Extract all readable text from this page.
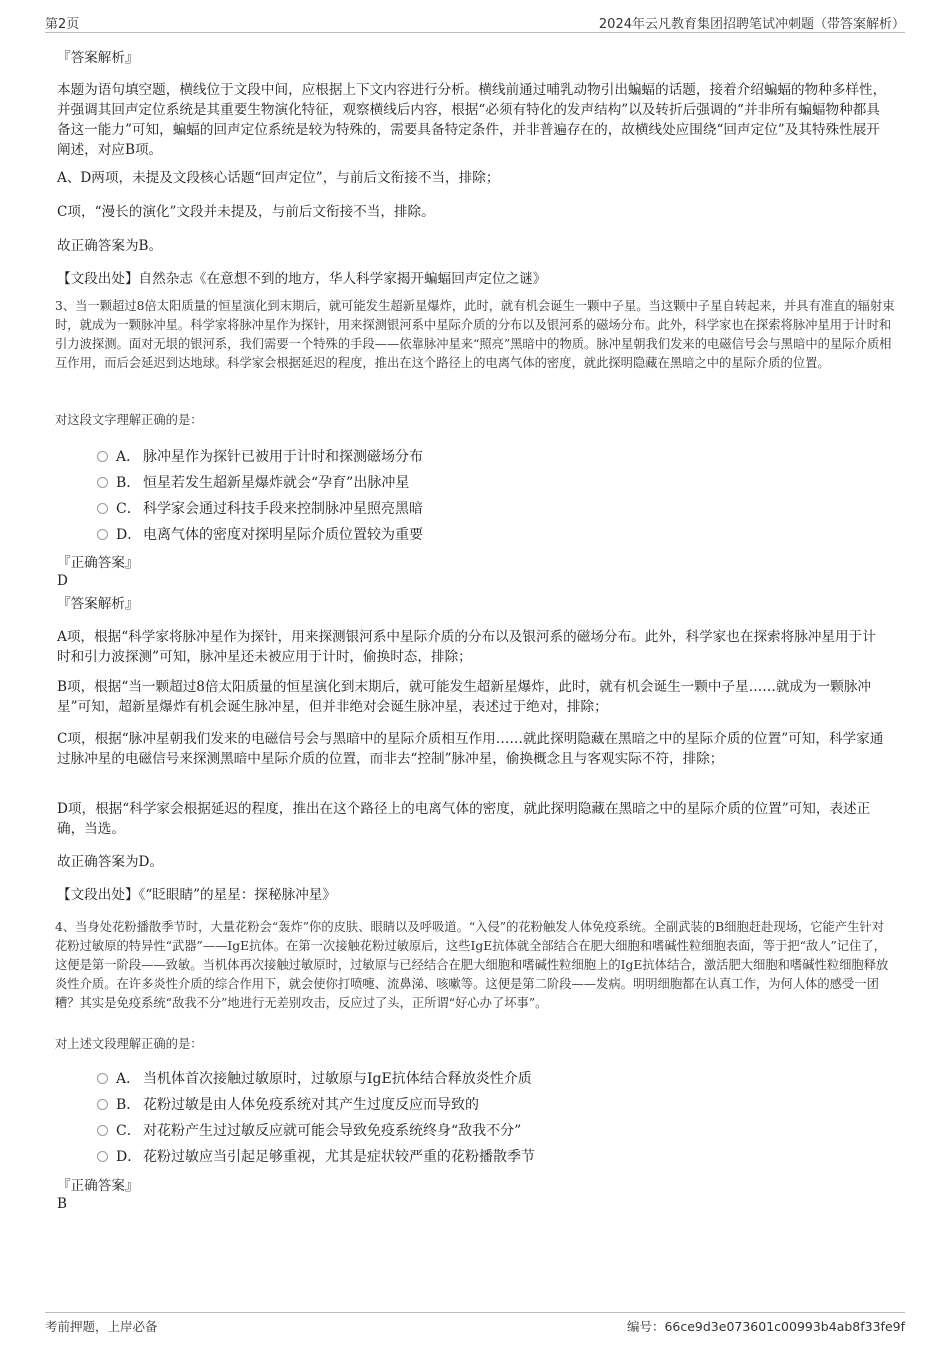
第2页	2024年云凡教育集团招聘笔试冲刺题（带答案解析）
『答案解析』
本题为语句填空题，横线位于文段中间，应根据上下文内容进行分析。横线前通过哺乳动物引出蝙蝠的话题，接着介绍蝙蝠的物种多样性，并强调其回声定位系统是其重要生物演化特征，观察横线后内容，根据“必须有特化的发声结构”以及转折后强调的“并非所有蝙蝠物种都具备这一能力”可知，蝙蝠的回声定位系统是较为特殊的，需要具备特定条件，并非普遍存在的，故横线处应围绕“回声定位”及其特殊性展开阐述，对应B项。
A、D两项，未提及文段核心话题“回声定位”，与前后文衔接不当，排除；
C项，“漫长的演化”文段并未提及，与前后文衔接不当，排除。
故正确答案为B。
【文段出处】自然杂志《在意想不到的地方，华人科学家揭开蝙蝠回声定位之谜》
3、当一颗超过8倍太阳质量的恒星演化到末期后，就可能发生超新星爆炸，此时，就有机会诞生一颗中子星。当这颗中子星自转起来，并具有准直的辐射束时，就成为一颗脉冲星。科学家将脉冲星作为探针，用来探测银河系中星际介质的分布以及银河系的磁场分布。此外，科学家也在探索将脉冲星用于计时和引力波探测。面对无垠的银河系，我们需要一个特殊的手段——依靠脉冲星来“照亮”黑暗中的物质。脉冲星朝我们发来的电磁信号会与黑暗中的星际介质相互作用，而后会延迟到达地球。科学家会根据延迟的程度，推出在这个路径上的电离气体的密度，就此探明隐藏在黑暗之中的星际介质的位置。
对这段文字理解正确的是：
A． 脉冲星作为探针已被用于计时和探测磁场分布
B． 恒星若发生超新星爆炸就会“孕育”出脉冲星
C． 科学家会通过科技手段来控制脉冲星照亮黑暗
D． 电离气体的密度对探明星际介质位置较为重要
『正确答案』
D
『答案解析』
A项，根据“科学家将脉冲星作为探针，用来探测银河系中星际介质的分布以及银河系的磁场分布。此外，科学家也在探索将脉冲星用于计时和引力波探测”可知，脉冲星还未被应用于计时，偷换时态，排除；
B项，根据“当一颗超过8倍太阳质量的恒星演化到末期后，就可能发生超新星爆炸，此时，就有机会诞生一颗中子星……就成为一颗脉冲星”可知，超新星爆炸有机会诞生脉冲星，但并非绝对会诞生脉冲星，表述过于绝对，排除；
C项，根据“脉冲星朝我们发来的电磁信号会与黑暗中的星际介质相互作用……就此探明隐藏在黑暗之中的星际介质的位置”可知，科学家通过脉冲星的电磁信号来探测黑暗中星际介质的位置，而非去“控制”脉冲星，偷换概念且与客观实际不符，排除；
D项，根据“科学家会根据延迟的程度，推出在这个路径上的电离气体的密度，就此探明隐藏在黑暗之中的星际介质的位置”可知，表述正确，当选。
故正确答案为D。
【文段出处】《“眨眼睛”的星星：探秘脉冲星》
4、当身处花粉播散季节时，大量花粉会“轰炸”你的皮肤、眼睛以及呼吸道。“入侵”的花粉触发人体免疫系统。全副武装的B细胞赶赴现场，它能产生针对花粉过敏原的特异性“武器”——IgE抗体。在第一次接触花粉过敏原后，这些IgE抗体就全部结合在肥大细胞和嗜碱性粒细胞表面，等于把“敌人”记住了，这便是第一阶段——致敏。当机体再次接触过敏原时，过敏原与已经结合在肥大细胞和嗜碱性粒细胞上的IgE抗体结合，激活肥大细胞和嗜碱性粒细胞释放炎性介质。在许多炎性介质的综合作用下，就会使你打喷嚏、流鼻涕、咳嗽等。这便是第二阶段——发病。明明细胞都在认真工作，为何人体的感受一团糟？其实是免疫系统“敌我不分”地进行无差别攻击，反应过了头，正所谓“好心办了坏事”。
对上述文段理解正确的是：
A． 当机体首次接触过敏原时，过敏原与IgE抗体结合释放炎性介质
B． 花粉过敏是由人体免疫系统对其产生过度反应而导致的
C． 对花粉产生过过敏反应就可能会导致免疫系统终身“敌我不分”
D． 花粉过敏应当引起足够重视，尤其是症状较严重的花粉播散季节
『正确答案』
B
考前押题，上岸必备	编号：66ce9d3e073601c00993b4ab8f33fe9f
